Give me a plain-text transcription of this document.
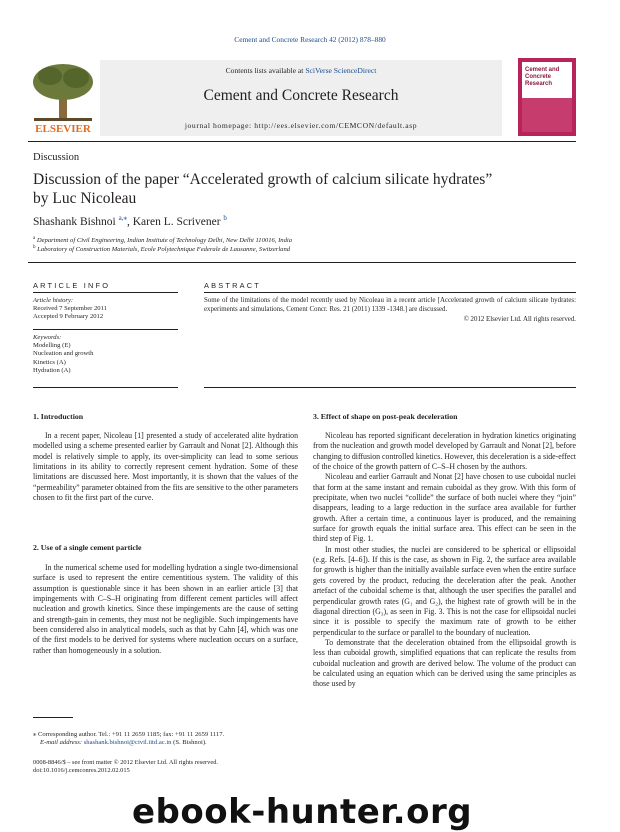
Cement and Concrete Research 42 (2012) 878–880
ELSEVIER
Contents lists available at SciVerse ScienceDirect
Cement and Concrete Research
journal homepage: http://ees.elsevier.com/CEMCON/default.asp
Cement and Concrete Research
Discussion
Discussion of the paper “Accelerated growth of calcium silicate hydrates”
by Luc Nicoleau
Shashank Bishnoi $^{a,⁎}$, Karen L. Scrivener $^b$
$^a$ Department of Civil Engineering, Indian Institute of Technology Delhi, New Delhi 110016, India
$^b$ Laboratory of Construction Materials, Ecole Polytechnique Federale de Lausanne, Switzerland
ARTICLE INFO
Article history:
Received 7 September 2011
Accepted 9 February 2012
Keywords:
Modelling (E)
Nucleation and growth
Kinetics (A)
Hydration (A)
ABSTRACT
Some of the limitations of the model recently used by Nicoleau in a recent article [Accelerated growth of calcium silicate hydrates: experiments and simulations, Cement Concr. Res. 21 (2011) 1339 -1348.] are discussed.
© 2012 Elsevier Ltd. All rights reserved.
1. Introduction

In a recent paper, Nicoleau [1] presented a study of accelerated alite hydration modelled using a scheme presented earlier by Garrault and Nonat [2]. Although this model is relatively simple to apply, its over-simplicity can lead to some serious limitations in its ability to correctly represent cement hydration. Some of these limitations are discussed here. Most importantly, it is shown that the values of the “permeability” parameter obtained from the fits are sensitive to the other parameters chosen to fit the first part of the curve.

2. Use of a single cement particle

In the numerical scheme used for modelling hydration a single two-dimensional surface is used to represent the entire cementitious system. The validity of this assumption is questionable since it has been shown in an earlier article [3] that impingements with C–S–H originating from different cement particles will affect nucleation and growth kinetics. Since these impingements are the cause of setting and strength-gain in cements, they must not be negligible. Such impingements have been considered also in analytical models, such as that by Cahn [4], which was one of the first models to be derived for systems where nucleation occurs on a surface, rather than homogeneously in a solution.

⁎ Corresponding author. Tel.: +91 11 2659 1185; fax: +91 11 2659 1117.
E-mail address: shashank.bishnoi@civil.iitd.ac.in (S. Bishnoi).
0008-8846/$ – see front matter © 2012 Elsevier Ltd. All rights reserved.
doi:10.1016/j.cemconres.2012.02.015
3. Effect of shape on post-peak deceleration

Nicoleau has reported significant deceleration in hydration kinetics originating from the nucleation and growth model developed by Garrault and Nonat [2], before changing to diffusion controlled kinetics. However, this deceleration is a side-effect of the choice of the growth pattern of C–S–H chosen by the authors.

Nicoleau and earlier Garrault and Nonat [2] have chosen to use cuboidal nuclei that form at the same instant and remain cuboidal as they grow. With this form of precipitate, when two nuclei “collide” the surface of both nuclei where they “join” disappears, leading to a large reduction in the surface area available for further growth. After a certain time, a continuous layer is produced, and the remaining surface for growth equals the initial surface area. This effect can be seen in the third step of Fig. 1.

In most other studies, the nuclei are considered to be spherical or ellipsoidal (e.g. Refs. [4–6]). If this is the case, as shown in Fig. 2, the surface area available for growth is higher than the initially available surface even when the entire surface gets covered by the product, reducing the deceleration after the peak. Another artefact of the cuboidal scheme is that, although the user specifies the parallel and perpendicular growth rates (G₁ and G₂), the highest rate of growth will be in the diagonal direction (G₃), as seen in Fig. 3. This is not the case for ellipsoidal nuclei since it is possible to specify the maximum rate of growth to be either perpendicular to the surface or parallel to the boundary of nucleation.

To demonstrate that the deceleration obtained from the ellipsoidal growth is less than cuboidal growth, simplified equations that can replicate the results from cuboidal nucleation and growth are derived below. The volume of the product can be calculated using an equation which can be derived using the same principles as those used by

ebook-hunter.org
